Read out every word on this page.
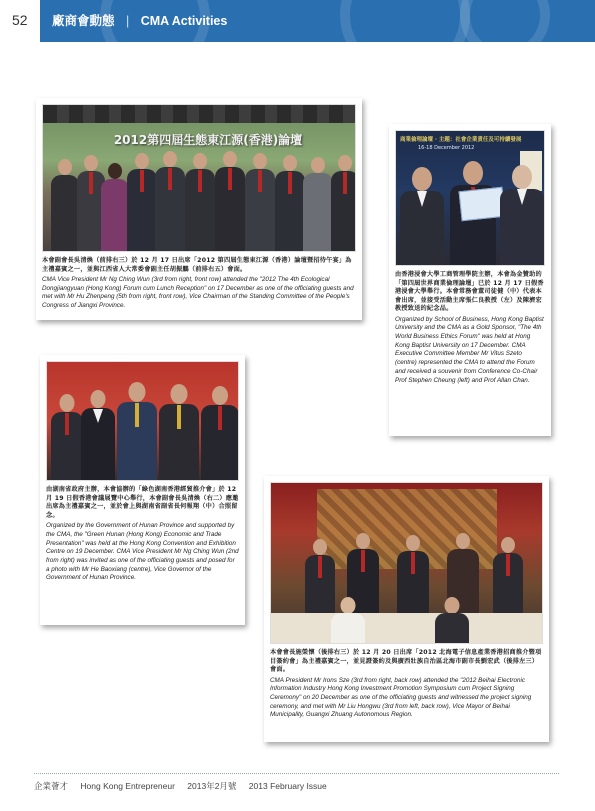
52	廠商會動態 | CMA Activities
2012第四屆生態東江源(香港)論壇

本會副會長吳清煥（前排右三）於 12 月 17 日出席「2012 第四屆生態東江源（香港）論壇暨招待午宴」為主禮嘉賓之一，並與江西省人大常委會副主任胡振鵬（前排右五）會面。

CMA Vice President Mr Ng Ching Wun (3rd from right, front row) attended the "2012 The 4th Ecological Dongjiangyuan (Hong Kong) Forum cum Lunch Reception" on 17 December as one of the officiating guests and met with Mr Hu Zhenpeng (5th from right, front row), Vice Chairman of the Standing Committee of the People's Congress of Jiangxi Province.

商業倫理論壇 · 主題：社會企業責任及可持續發展
16-18 December 2012

由香港浸會大學工商管理學院主辦，本會為金贊助的「第四屆世界商業倫理論壇」已於 12 月 17 日假香港浸會大學舉行。本會常務會董司徒健（中）代表本會出席，並接受活動主席張仁良教授（左）及陳濟宏教授致送的紀念品。

Organized by School of Business, Hong Kong Baptist University and the CMA as a Gold Sponsor, "The 4th World Business Ethics Forum" was held at Hong Kong Baptist University on 17 December. CMA Executive Committee Member Mr Vitus Szeto (centre) represented the CMA to attend the Forum and received a souvenir from Conference Co-Chair Prof Stephen Cheung (left) and Prof Allan Chan.

由湖南省政府主辦，本會協辦的「綠色湖南香港經貿推介會」於 12 月 19 日假香港會議展覽中心舉行，本會副會長吳清煥（右二）應邀出席為主禮嘉賓之一，並於會上與湖南省副省長何報翔（中）合照留念。

Organized by the Government of Hunan Province and supported by the CMA, the "Green Hunan (Hong Kong) Economic and Trade Presentation" was held at the Hong Kong Convention and Exhibition Centre on 19 December. CMA Vice President Mr Ng Ching Wun (2nd from right) was invited as one of the officiating guests and posed for a photo with Mr He Baoxiang (centre), Vice Governor of the Government of Hunan Province.

本會會長施榮懷（後排右三）於 12 月 20 日出席「2012 北海電子信息產業香港招商推介暨項目簽約會」為主禮嘉賓之一，並見證簽約及與廣西壯族自治區北海市副市長劉宏武（後排左三）會面。

CMA President Mr Irons Sze (3rd from right, back row) attended the "2012 Beihai Electronic Information Industry Hong Kong Investment Promotion Symposium cum Project Signing Ceremony" on 20 December as one of the officiating guests and witnessed the project signing ceremony, and met with Mr Liu Hongwu (3rd from left, back row), Vice Mayor of Beihai Municipality, Guangxi Zhuang Autonomous Region.

企業薈才 Hong Kong Entrepreneur 2013年2月號 2013 February Issue
